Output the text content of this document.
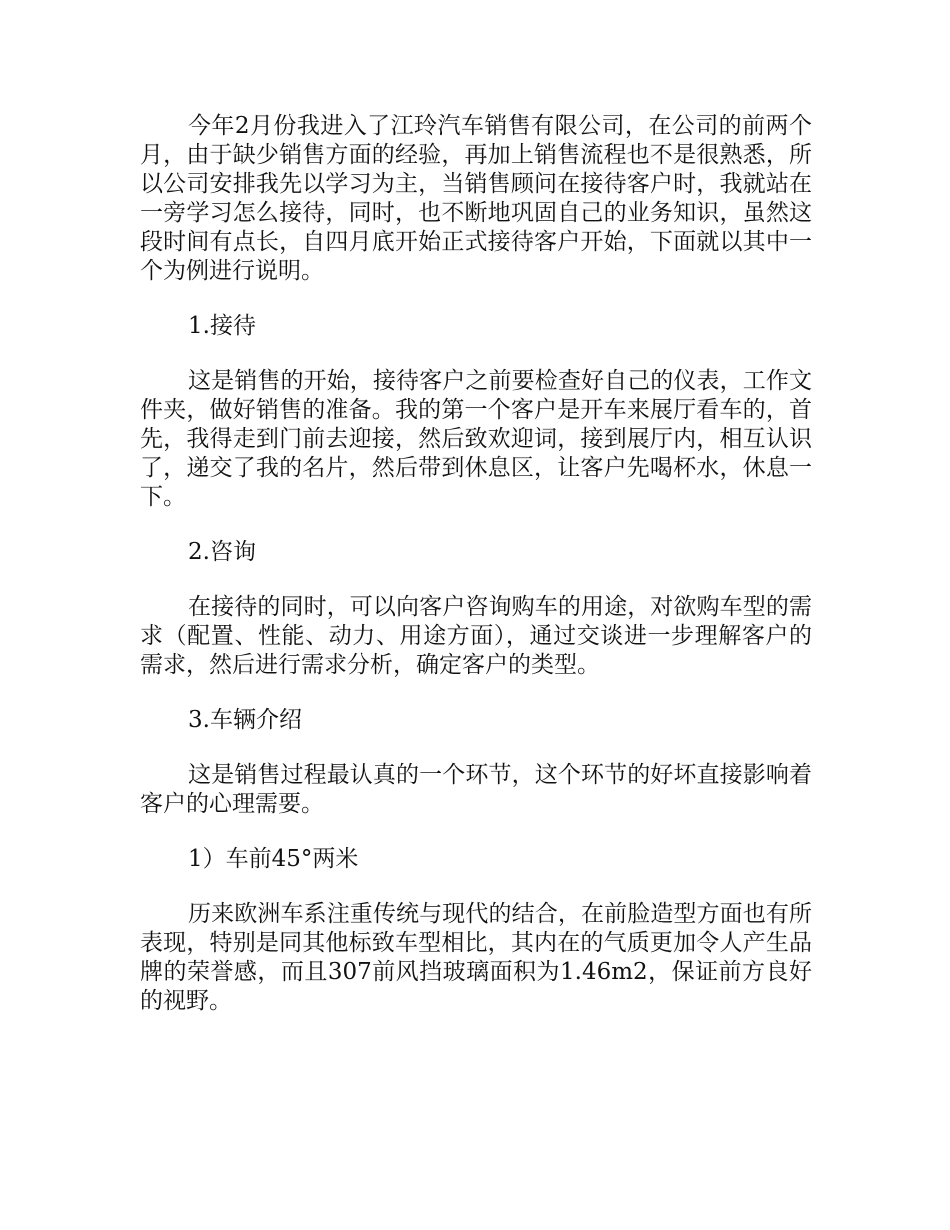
今年2月份我进入了江玲汽车销售有限公司，在公司的前两个月，由于缺少销售方面的经验，再加上销售流程也不是很熟悉，所以公司安排我先以学习为主，当销售顾问在接待客户时，我就站在一旁学习怎么接待，同时，也不断地巩固自己的业务知识，虽然这段时间有点长，自四月底开始正式接待客户开始，下面就以其中一个为例进行说明。

1.接待

这是销售的开始，接待客户之前要检查好自己的仪表，工作文件夹，做好销售的准备。我的第一个客户是开车来展厅看车的，首先，我得走到门前去迎接，然后致欢迎词，接到展厅内，相互认识了，递交了我的名片，然后带到休息区，让客户先喝杯水，休息一下。

2.咨询

在接待的同时，可以向客户咨询购车的用途，对欲购车型的需求（配置、性能、动力、用途方面），通过交谈进一步理解客户的需求，然后进行需求分析，确定客户的类型。

3.车辆介绍

这是销售过程最认真的一个环节，这个环节的好坏直接影响着客户的心理需要。

1）车前45°两米

历来欧洲车系注重传统与现代的结合，在前脸造型方面也有所表现，特别是同其他标致车型相比，其内在的气质更加令人产生品牌的荣誉感，而且307前风挡玻璃面积为1.46m2，保证前方良好的视野。
